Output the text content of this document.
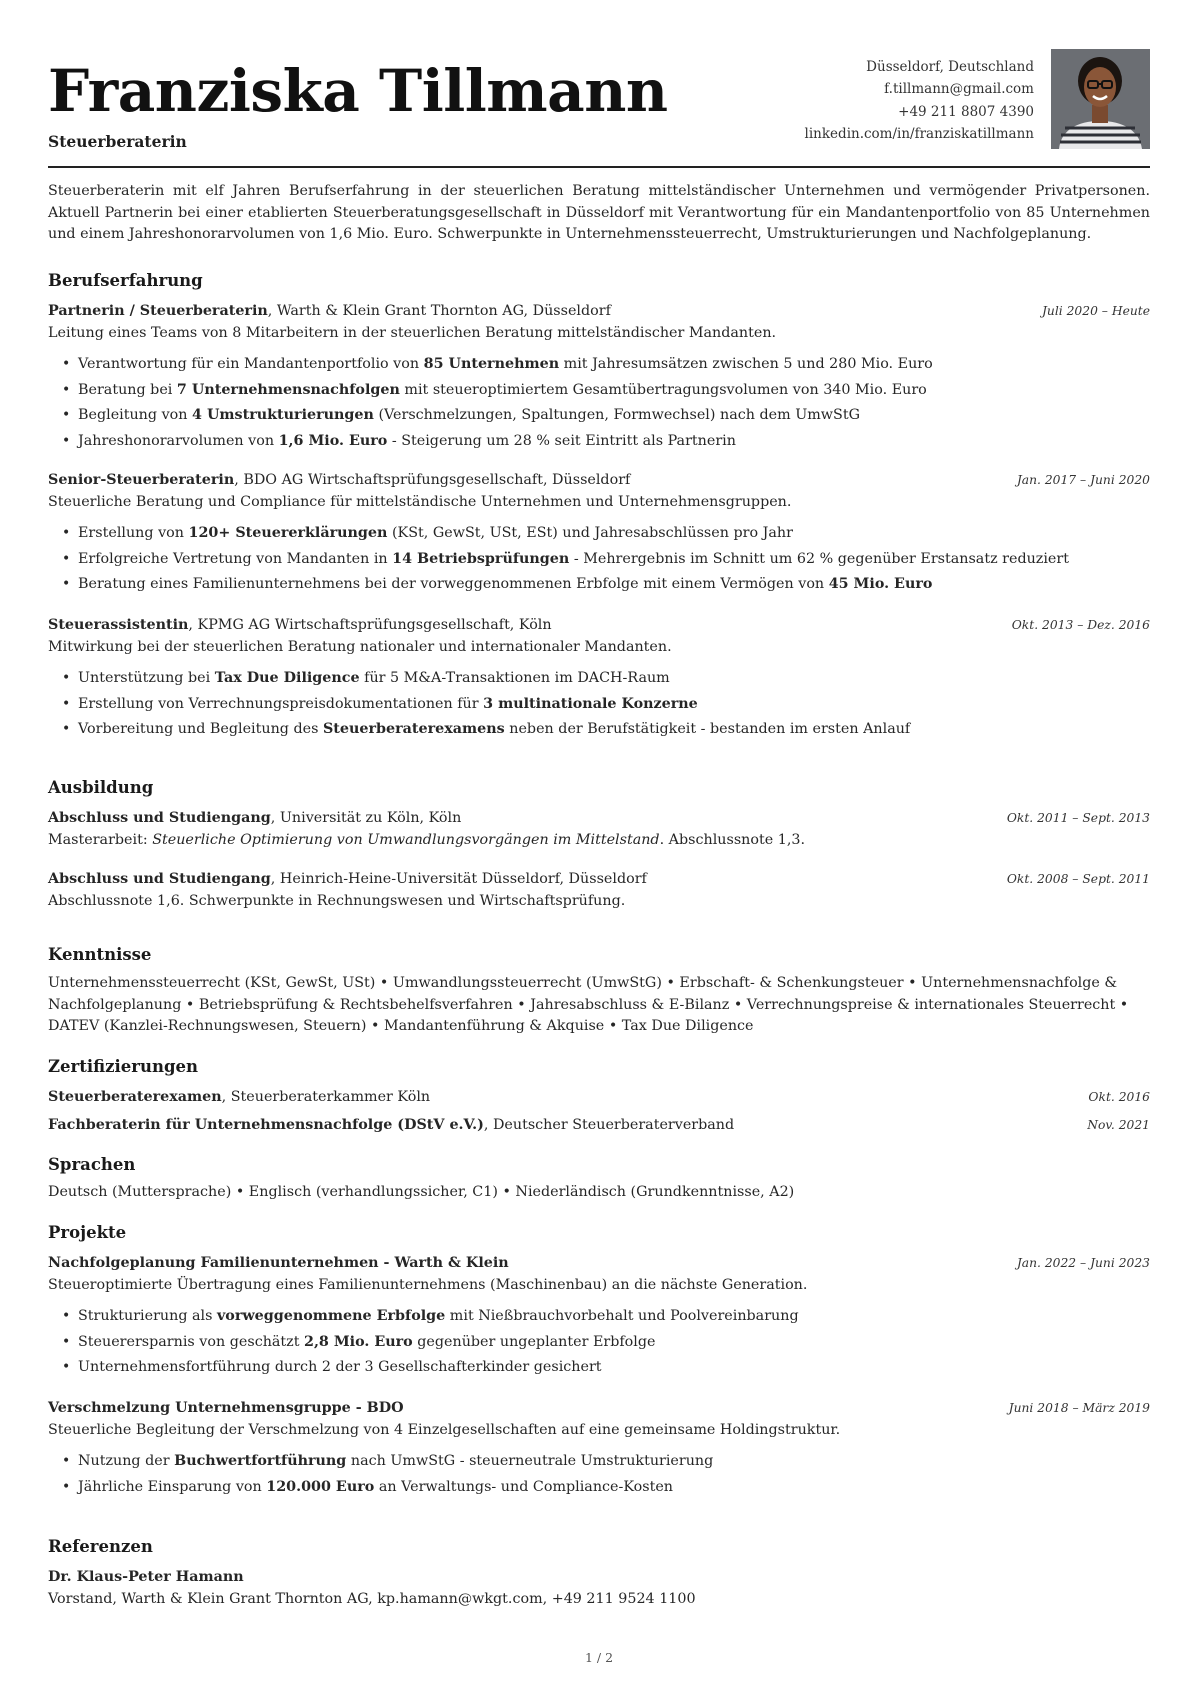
Franziska Tillmann
Steuerberaterin
Düsseldorf, Deutschland
f.tillmann@gmail.com
+49 211 8807 4390
linkedin.com/in/franziskatillmann

Steuerberaterin mit elf Jahren Berufserfahrung in der steuerlichen Beratung mittelständischer Unternehmen und vermögender Privatpersonen. Aktuell Partnerin bei einer etablierten Steuerberatungsgesellschaft in Düsseldorf mit Verantwortung für ein Mandantenportfolio von 85 Unternehmen und einem Jahreshonorarvolumen von 1,6 Mio. Euro. Schwerpunkte in Unternehmenssteuerrecht, Umstrukturierungen und Nachfolgeplanung.

Berufserfahrung
Partnerin / Steuerberaterin, Warth & Klein Grant Thornton AG, Düsseldorf	Juli 2020 – Heute
Leitung eines Teams von 8 Mitarbeitern in der steuerlichen Beratung mittelständischer Mandanten.
• Verantwortung für ein Mandantenportfolio von 85 Unternehmen mit Jahresumsätzen zwischen 5 und 280 Mio. Euro
• Beratung bei 7 Unternehmensnachfolgen mit steueroptimiertem Gesamtübertragungsvolumen von 340 Mio. Euro
• Begleitung von 4 Umstrukturierungen (Verschmelzungen, Spaltungen, Formwechsel) nach dem UmwStG
• Jahreshonorarvolumen von 1,6 Mio. Euro - Steigerung um 28 % seit Eintritt als Partnerin
Senior-Steuerberaterin, BDO AG Wirtschaftsprüfungsgesellschaft, Düsseldorf	Jan. 2017 – Juni 2020
Steuerliche Beratung und Compliance für mittelständische Unternehmen und Unternehmensgruppen.
• Erstellung von 120+ Steuererklärungen (KSt, GewSt, USt, ESt) und Jahresabschlüssen pro Jahr
• Erfolgreiche Vertretung von Mandanten in 14 Betriebsprüfungen - Mehrergebnis im Schnitt um 62 % gegenüber Erstansatz reduziert
• Beratung eines Familienunternehmens bei der vorweggenommenen Erbfolge mit einem Vermögen von 45 Mio. Euro
Steuerassistentin, KPMG AG Wirtschaftsprüfungsgesellschaft, Köln	Okt. 2013 – Dez. 2016
Mitwirkung bei der steuerlichen Beratung nationaler und internationaler Mandanten.
• Unterstützung bei Tax Due Diligence für 5 M&A-Transaktionen im DACH-Raum
• Erstellung von Verrechnungspreisdokumentationen für 3 multinationale Konzerne
• Vorbereitung und Begleitung des Steuerberaterexamens neben der Berufstätigkeit - bestanden im ersten Anlauf
Ausbildung
Abschluss und Studiengang, Universität zu Köln, Köln	Okt. 2011 – Sept. 2013
Masterarbeit: Steuerliche Optimierung von Umwandlungsvorgängen im Mittelstand. Abschlussnote 1,3.
Abschluss und Studiengang, Heinrich-Heine-Universität Düsseldorf, Düsseldorf	Okt. 2008 – Sept. 2011
Abschlussnote 1,6. Schwerpunkte in Rechnungswesen und Wirtschaftsprüfung.
Kenntnisse

Unternehmenssteuerrecht (KSt, GewSt, USt) • Umwandlungssteuerrecht (UmwStG) • Erbschaft- & Schenkungsteuer • Unternehmensnachfolge & Nachfolgeplanung • Betriebsprüfung & Rechtsbehelfsverfahren • Jahresabschluss & E-Bilanz • Verrechnungspreise & internationales Steuerrecht • DATEV (Kanzlei-Rechnungswesen, Steuern) • Mandantenführung & Akquise • Tax Due Diligence

Zertifizierungen
Steuerberaterexamen, Steuerberaterkammer Köln	Okt. 2016
Fachberaterin für Unternehmensnachfolge (DStV e.V.), Deutscher Steuerberaterverband	Nov. 2021
Sprachen

Deutsch (Muttersprache) • Englisch (verhandlungssicher, C1) • Niederländisch (Grundkenntnisse, A2)

Projekte
Nachfolgeplanung Familienunternehmen - Warth & Klein	Jan. 2022 – Juni 2023
Steueroptimierte Übertragung eines Familienunternehmens (Maschinenbau) an die nächste Generation.
• Strukturierung als vorweggenommene Erbfolge mit Nießbrauchvorbehalt und Poolvereinbarung
• Steuerersparnis von geschätzt 2,8 Mio. Euro gegenüber ungeplanter Erbfolge
• Unternehmensfortführung durch 2 der 3 Gesellschafterkinder gesichert
Verschmelzung Unternehmensgruppe - BDO	Juni 2018 – März 2019
Steuerliche Begleitung der Verschmelzung von 4 Einzelgesellschaften auf eine gemeinsame Holdingstruktur.
• Nutzung der Buchwertfortführung nach UmwStG - steuerneutrale Umstrukturierung
• Jährliche Einsparung von 120.000 Euro an Verwaltungs- und Compliance-Kosten
Referenzen
Dr. Klaus-Peter Hamann
Vorstand, Warth & Klein Grant Thornton AG, kp.hamann@wkgt.com, +49 211 9524 1100
1 / 2
